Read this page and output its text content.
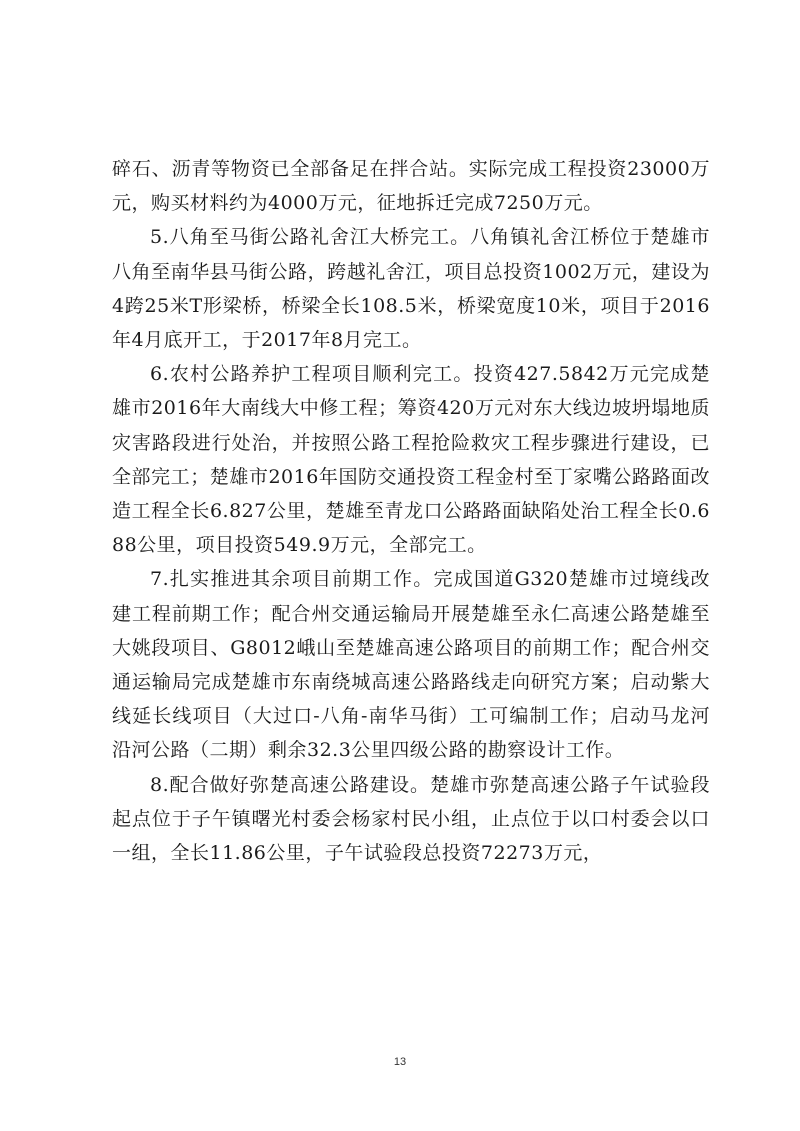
碎石、沥青等物资已全部备足在拌合站。实际完成工程投资23000万元，购买材料约为4000万元，征地拆迁完成7250万元。

5.八角至马街公路礼舍江大桥完工。八角镇礼舍江桥位于楚雄市八角至南华县马街公路，跨越礼舍江，项目总投资1002万元，建设为4跨25米T形梁桥，桥梁全长108.5米，桥梁宽度10米，项目于2016年4月底开工，于2017年8月完工。

6.农村公路养护工程项目顺利完工。投资427.5842万元完成楚雄市2016年大南线大中修工程；筹资420万元对东大线边坡坍塌地质灾害路段进行处治，并按照公路工程抢险救灾工程步骤进行建设，已全部完工；楚雄市2016年国防交通投资工程金村至丁家嘴公路路面改造工程全长6.827公里，楚雄至青龙口公路路面缺陷处治工程全长0.688公里，项目投资549.9万元，全部完工。

7.扎实推进其余项目前期工作。完成国道G320楚雄市过境线改建工程前期工作；配合州交通运输局开展楚雄至永仁高速公路楚雄至大姚段项目、G8012峨山至楚雄高速公路项目的前期工作；配合州交通运输局完成楚雄市东南绕城高速公路路线走向研究方案；启动紫大线延长线项目（大过口-八角-南华马街）工可编制工作；启动马龙河沿河公路（二期）剩余32.3公里四级公路的勘察设计工作。

8.配合做好弥楚高速公路建设。楚雄市弥楚高速公路子午试验段起点位于子午镇曙光村委会杨家村民小组，止点位于以口村委会以口一组，全长11.86公里，子午试验段总投资72273万元，

13
